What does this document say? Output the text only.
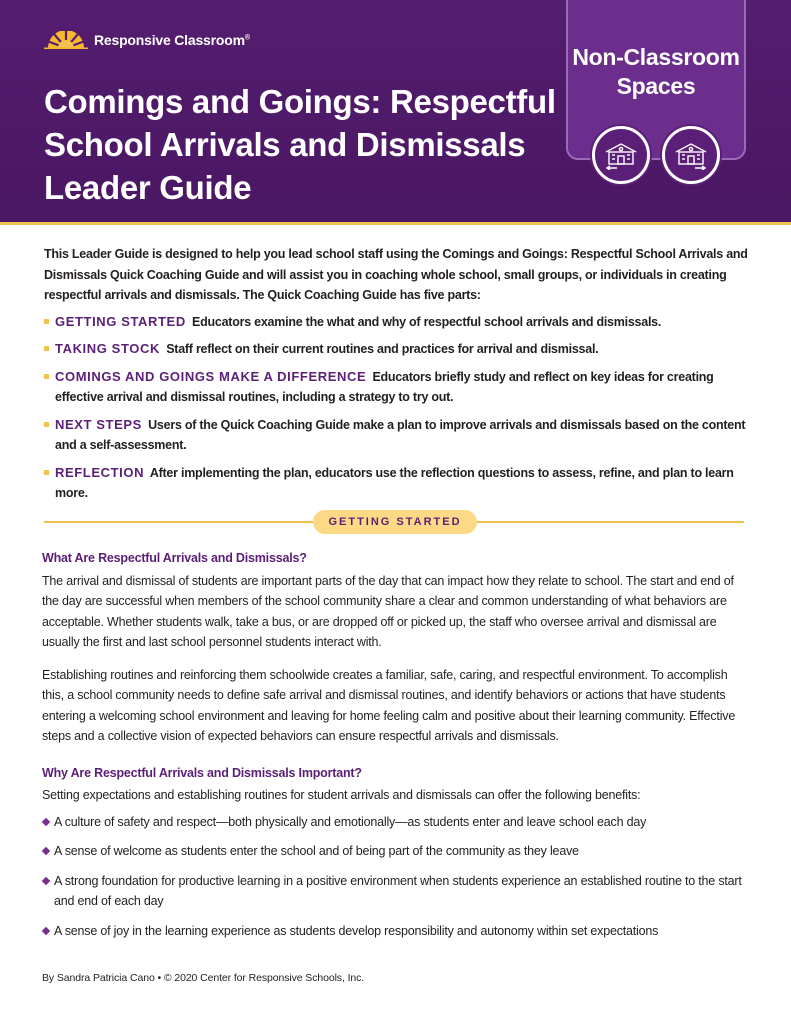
Responsive Classroom®
Comings and Goings: Respectful School Arrivals and Dismissals Leader Guide
Non-Classroom Spaces

This Leader Guide is designed to help you lead school staff using the Comings and Goings: Respectful School Arrivals and Dismissals Quick Coaching Guide and will assist you in coaching whole school, small groups, or individuals in creating respectful arrivals and dismissals. The Quick Coaching Guide has five parts:

GETTING STARTED Educators examine the what and why of respectful school arrivals and dismissals.
TAKING STOCK Staff reflect on their current routines and practices for arrival and dismissal.
COMINGS AND GOINGS MAKE A DIFFERENCE Educators briefly study and reflect on key ideas for creating effective arrival and dismissal routines, including a strategy to try out.
NEXT STEPS Users of the Quick Coaching Guide make a plan to improve arrivals and dismissals based on the content and a self-assessment.
REFLECTION After implementing the plan, educators use the reflection questions to assess, refine, and plan to learn more.
GETTING STARTED
What Are Respectful Arrivals and Dismissals?

The arrival and dismissal of students are important parts of the day that can impact how they relate to school. The start and end of the day are successful when members of the school community share a clear and common understanding of what behaviors are acceptable. Whether students walk, take a bus, or are dropped off or picked up, the staff who oversee arrival and dismissal are usually the first and last school personnel students interact with.

Establishing routines and reinforcing them schoolwide creates a familiar, safe, caring, and respectful environment. To accomplish this, a school community needs to define safe arrival and dismissal routines, and identify behaviors or actions that have students entering a welcoming school environment and leaving for home feeling calm and positive about their learning community. Effective steps and a collective vision of expected behaviors can ensure respectful arrivals and dismissals.

Why Are Respectful Arrivals and Dismissals Important?

Setting expectations and establishing routines for student arrivals and dismissals can offer the following benefits:

A culture of safety and respect—both physically and emotionally—as students enter and leave school each day
A sense of welcome as students enter the school and of being part of the community as they leave
A strong foundation for productive learning in a positive environment when students experience an established routine to the start and end of each day
A sense of joy in the learning experience as students develop responsibility and autonomy within set expectations
By Sandra Patricia Cano • © 2020 Center for Responsive Schools, Inc.
